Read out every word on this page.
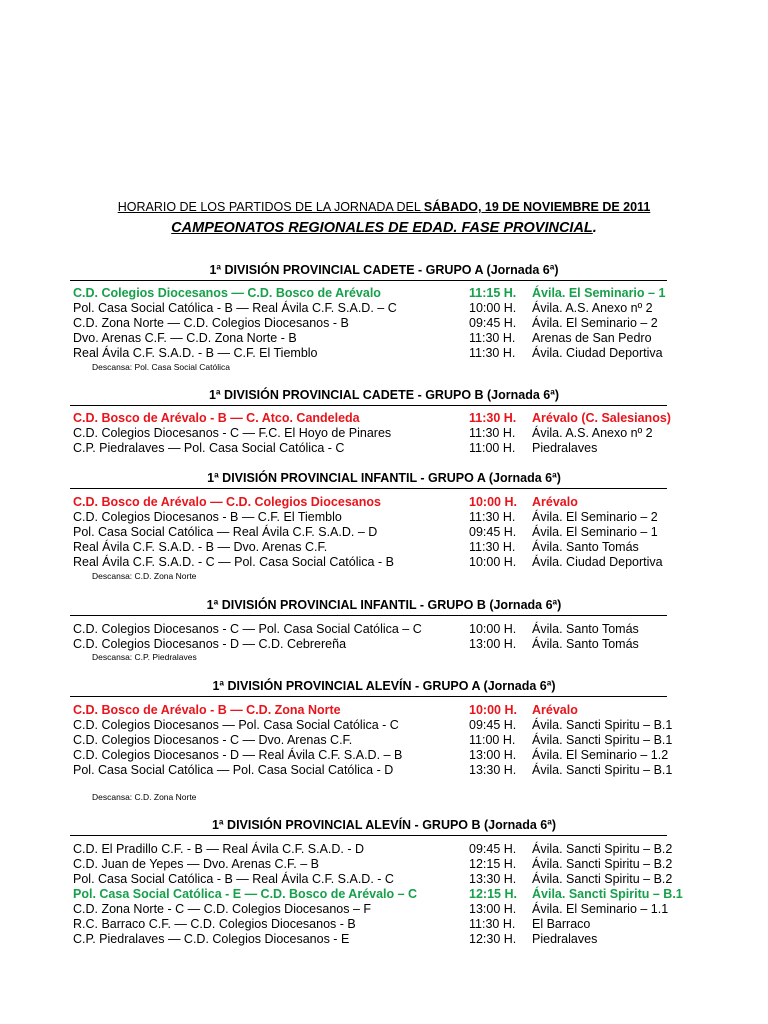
HORARIO DE LOS PARTIDOS DE LA JORNADA DEL SÁBADO, 19 DE NOVIEMBRE DE 2011
CAMPEONATOS REGIONALES DE EDAD. FASE PROVINCIAL.
1ª DIVISIÓN PROVINCIAL CADETE - GRUPO A (Jornada 6ª)
C.D. Colegios Diocesanos — C.D. Bosco de Arévalo	11:15 H. Ávila. El Seminario – 1
Pol. Casa Social Católica - B — Real Ávila C.F. S.A.D. – C	10:00 H. Ávila. A.S. Anexo nº 2
C.D. Zona Norte — C.D. Colegios Diocesanos - B	09:45 H. Ávila. El Seminario – 2
Dvo. Arenas C.F. — C.D. Zona Norte - B	11:30 H. Arenas de San Pedro
Real Ávila C.F. S.A.D. - B — C.F. El Tiemblo	11:30 H. Ávila. Ciudad Deportiva
Descansa: Pol. Casa Social Católica
1ª DIVISIÓN PROVINCIAL CADETE - GRUPO B (Jornada 6ª)
C.D. Bosco de Arévalo - B — C. Atco. Candeleda	11:30 H. Arévalo (C. Salesianos)
C.D. Colegios Diocesanos - C — F.C. El Hoyo de Pinares	11:30 H. Ávila. A.S. Anexo nº 2
C.P. Piedralaves — Pol. Casa Social Católica - C	11:00 H. Piedralaves
1ª DIVISIÓN PROVINCIAL INFANTIL - GRUPO A (Jornada 6ª)
C.D. Bosco de Arévalo — C.D. Colegios Diocesanos	10:00 H. Arévalo
C.D. Colegios Diocesanos - B — C.F. El Tiemblo	11:30 H. Ávila. El Seminario – 2
Pol. Casa Social Católica — Real Ávila C.F. S.A.D. – D	09:45 H. Ávila. El Seminario – 1
Real Ávila C.F. S.A.D. - B — Dvo. Arenas C.F.	11:30 H. Ávila. Santo Tomás
Real Ávila C.F. S.A.D. - C — Pol. Casa Social Católica - B	10:00 H. Ávila. Ciudad Deportiva
Descansa: C.D. Zona Norte
1ª DIVISIÓN PROVINCIAL INFANTIL - GRUPO B (Jornada 6ª)
C.D. Colegios Diocesanos - C — Pol. Casa Social Católica – C	10:00 H. Ávila. Santo Tomás
C.D. Colegios Diocesanos - D — C.D. Cebrereña	13:00 H. Ávila. Santo Tomás
Descansa: C.P. Piedralaves
1ª DIVISIÓN PROVINCIAL ALEVÍN - GRUPO A (Jornada 6ª)
C.D. Bosco de Arévalo - B — C.D. Zona Norte	10:00 H. Arévalo
C.D. Colegios Diocesanos — Pol. Casa Social Católica - C	09:45 H. Ávila. Sancti Spiritu – B.1
C.D. Colegios Diocesanos - C — Dvo. Arenas C.F.	11:00 H. Ávila. Sancti Spiritu – B.1
C.D. Colegios Diocesanos - D — Real Ávila C.F. S.A.D. – B	13:00 H. Ávila. El Seminario – 1.2
Pol. Casa Social Católica — Pol. Casa Social Católica - D	13:30 H. Ávila. Sancti Spiritu – B.1
Descansa: C.D. Zona Norte
1ª DIVISIÓN PROVINCIAL ALEVÍN - GRUPO B (Jornada 6ª)
C.D. El Pradillo C.F. - B — Real Ávila C.F. S.A.D. - D	09:45 H. Ávila. Sancti Spiritu – B.2
C.D. Juan de Yepes — Dvo. Arenas C.F. – B	12:15 H. Ávila. Sancti Spiritu – B.2
Pol. Casa Social Católica - B — Real Ávila C.F. S.A.D. - C	13:30 H. Ávila. Sancti Spiritu – B.2
Pol. Casa Social Católica - E — C.D. Bosco de Arévalo – C	12:15 H. Ávila. Sancti Spiritu – B.1
C.D. Zona Norte - C — C.D. Colegios Diocesanos – F	13:00 H. Ávila. El Seminario – 1.1
R.C. Barraco C.F. — C.D. Colegios Diocesanos - B	11:30 H. El Barraco
C.P. Piedralaves — C.D. Colegios Diocesanos - E	12:30 H. Piedralaves
